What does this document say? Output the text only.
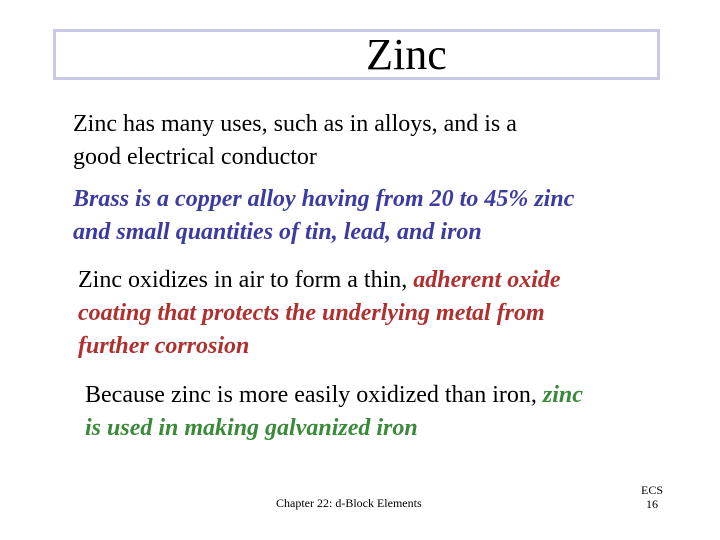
Zinc
Zinc has many uses, such as in alloys, and is a
good electrical conductor
Brass is a copper alloy having from 20 to 45% zinc
and small quantities of tin, lead, and iron
Zinc oxidizes in air to form a thin, adherent oxide
coating that protects the underlying metal from
further corrosion
Because zinc is more easily oxidized than iron, zinc
is used in making galvanized iron
Chapter 22: d-Block Elements
ECS
16
